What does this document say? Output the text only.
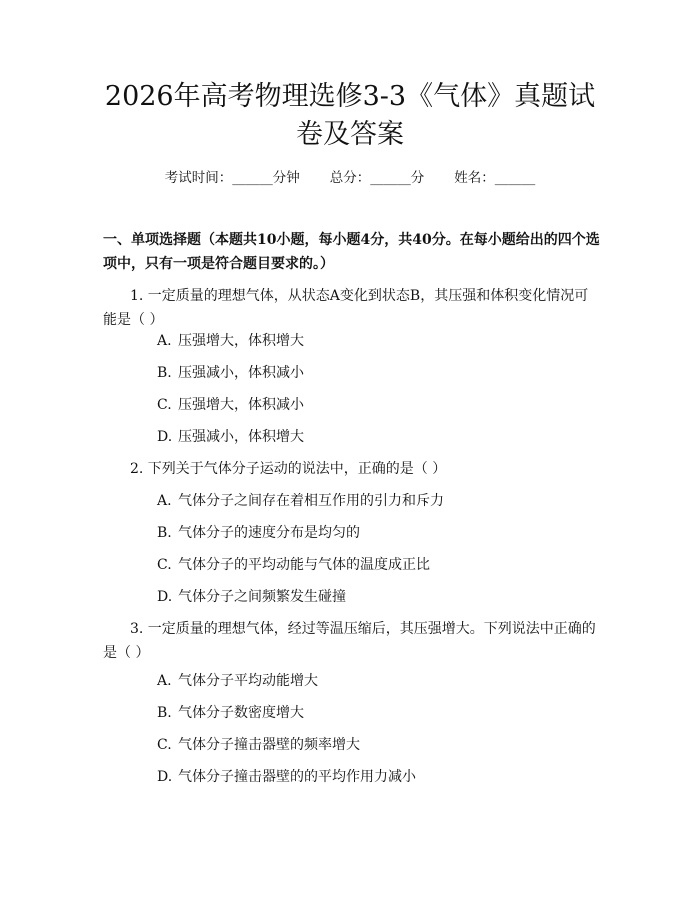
2026年高考物理选修3-3《气体》真题试卷及答案
考试时间：______分钟 总分：______分 姓名：______

一、单项选择题（本题共10小题，每小题4分，共40分。在每小题给出的四个选项中，只有一项是符合题目要求的。）

1. 一定质量的理想气体，从状态A变化到状态B，其压强和体积变化情况可能是（ ）

A. 压强增大，体积增大
B. 压强减小，体积减小
C. 压强增大，体积减小
D. 压强减小，体积增大

2. 下列关于气体分子运动的说法中，正确的是（ ）

A. 气体分子之间存在着相互作用的引力和斥力
B. 气体分子的速度分布是均匀的
C. 气体分子的平均动能与气体的温度成正比
D. 气体分子之间频繁发生碰撞

3. 一定质量的理想气体，经过等温压缩后，其压强增大。下列说法中正确的是（ ）

A. 气体分子平均动能增大
B. 气体分子数密度增大
C. 气体分子撞击器壁的频率增大
D. 气体分子撞击器壁的的平均作用力减小
